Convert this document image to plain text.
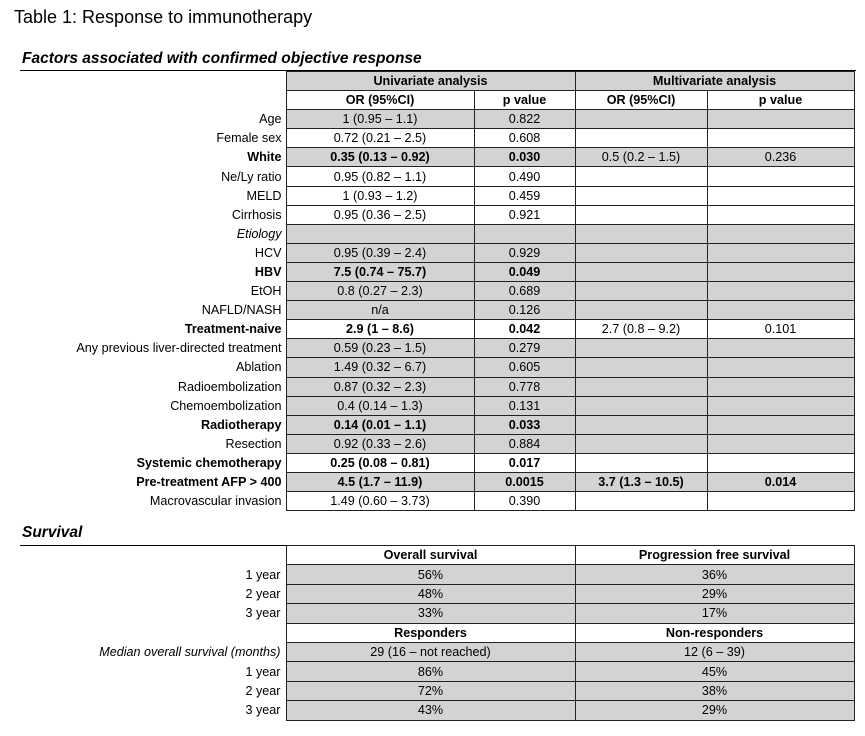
Table 1: Response to immunotherapy
Factors associated with confirmed objective response
	Univariate analysis		Multivariate analysis	
	OR (95%CI)	p value	OR (95%CI)	p value
Age	1 (0.95 – 1.1)	0.822		
Female sex	0.72 (0.21 – 2.5)	0.608		
White	0.35 (0.13 – 0.92)	0.030	0.5 (0.2 – 1.5)	0.236
Ne/Ly ratio	0.95 (0.82 – 1.1)	0.490		
MELD	1 (0.93 – 1.2)	0.459		
Cirrhosis	0.95 (0.36 – 2.5)	0.921		
Etiology				
HCV	0.95 (0.39 – 2.4)	0.929		
HBV	7.5 (0.74 – 75.7)	0.049		
EtOH	0.8 (0.27 – 2.3)	0.689		
NAFLD/NASH	n/a	0.126		
Treatment-naive	2.9 (1 – 8.6)	0.042	2.7 (0.8 – 9.2)	0.101
Any previous liver-directed treatment	0.59 (0.23 – 1.5)	0.279		
Ablation	1.49 (0.32 – 6.7)	0.605		
Radioembolization	0.87 (0.32 – 2.3)	0.778		
Chemoembolization	0.4 (0.14 – 1.3)	0.131		
Radiotherapy	0.14 (0.01 – 1.1)	0.033		
Resection	0.92 (0.33 – 2.6)	0.884		
Systemic chemotherapy	0.25 (0.08 – 0.81)	0.017		
Pre-treatment AFP > 400	4.5 (1.7 – 11.9)	0.0015	3.7 (1.3 – 10.5)	0.014
Macrovascular invasion	1.49 (0.60 – 3.73)	0.390		
Survival
	Overall survival	Progression free survival
1 year	56%	36%
2 year	48%	29%
3 year	33%	17%
	Responders	Non-responders
Median overall survival (months)	29 (16 – not reached)	12 (6 – 39)
1 year	86%	45%
2 year	72%	38%
3 year	43%	29%
